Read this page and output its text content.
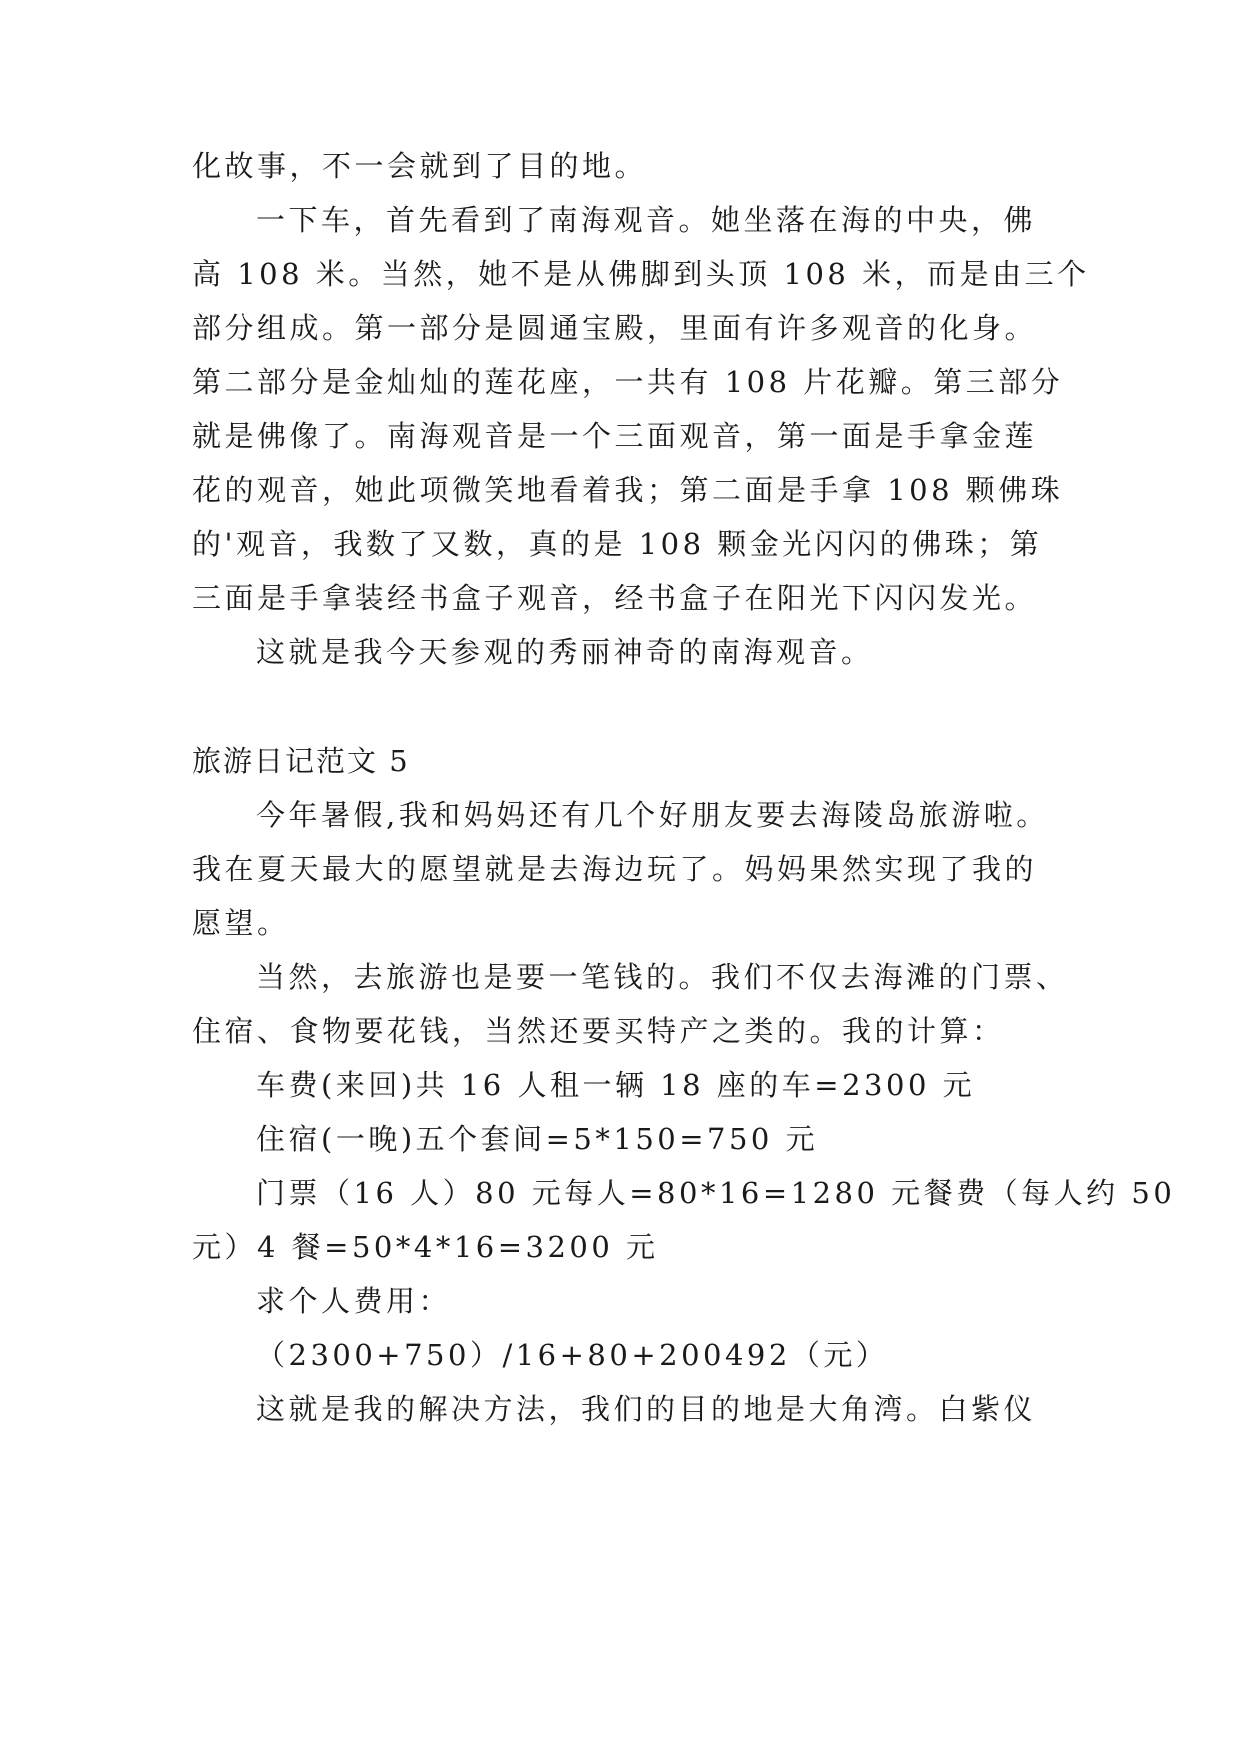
化故事，不一会就到了目的地。
一下车，首先看到了南海观音。她坐落在海的中央，佛
高 108 米。当然，她不是从佛脚到头顶 108 米，而是由三个
部分组成。第一部分是圆通宝殿，里面有许多观音的化身。
第二部分是金灿灿的莲花座，一共有 108 片花瓣。第三部分
就是佛像了。南海观音是一个三面观音，第一面是手拿金莲
花的观音，她此项微笑地看着我；第二面是手拿 108 颗佛珠
的'观音，我数了又数，真的是 108 颗金光闪闪的佛珠；第
三面是手拿装经书盒子观音，经书盒子在阳光下闪闪发光。
这就是我今天参观的秀丽神奇的南海观音。
旅游日记范文 5
今年暑假,我和妈妈还有几个好朋友要去海陵岛旅游啦。
我在夏天最大的愿望就是去海边玩了。妈妈果然实现了我的
愿望。
当然，去旅游也是要一笔钱的。我们不仅去海滩的门票、
住宿、食物要花钱，当然还要买特产之类的。我的计算：
车费(来回)共 16 人租一辆 18 座的车=2300 元
住宿(一晚)五个套间=5*150=750 元
门票（16 人）80 元每人=80*16=1280 元餐费（每人约 50
元）4 餐=50*4*16=3200 元
求个人费用：
（2300+750）/16+80+200492（元）
这就是我的解决方法，我们的目的地是大角湾。白紫仪
